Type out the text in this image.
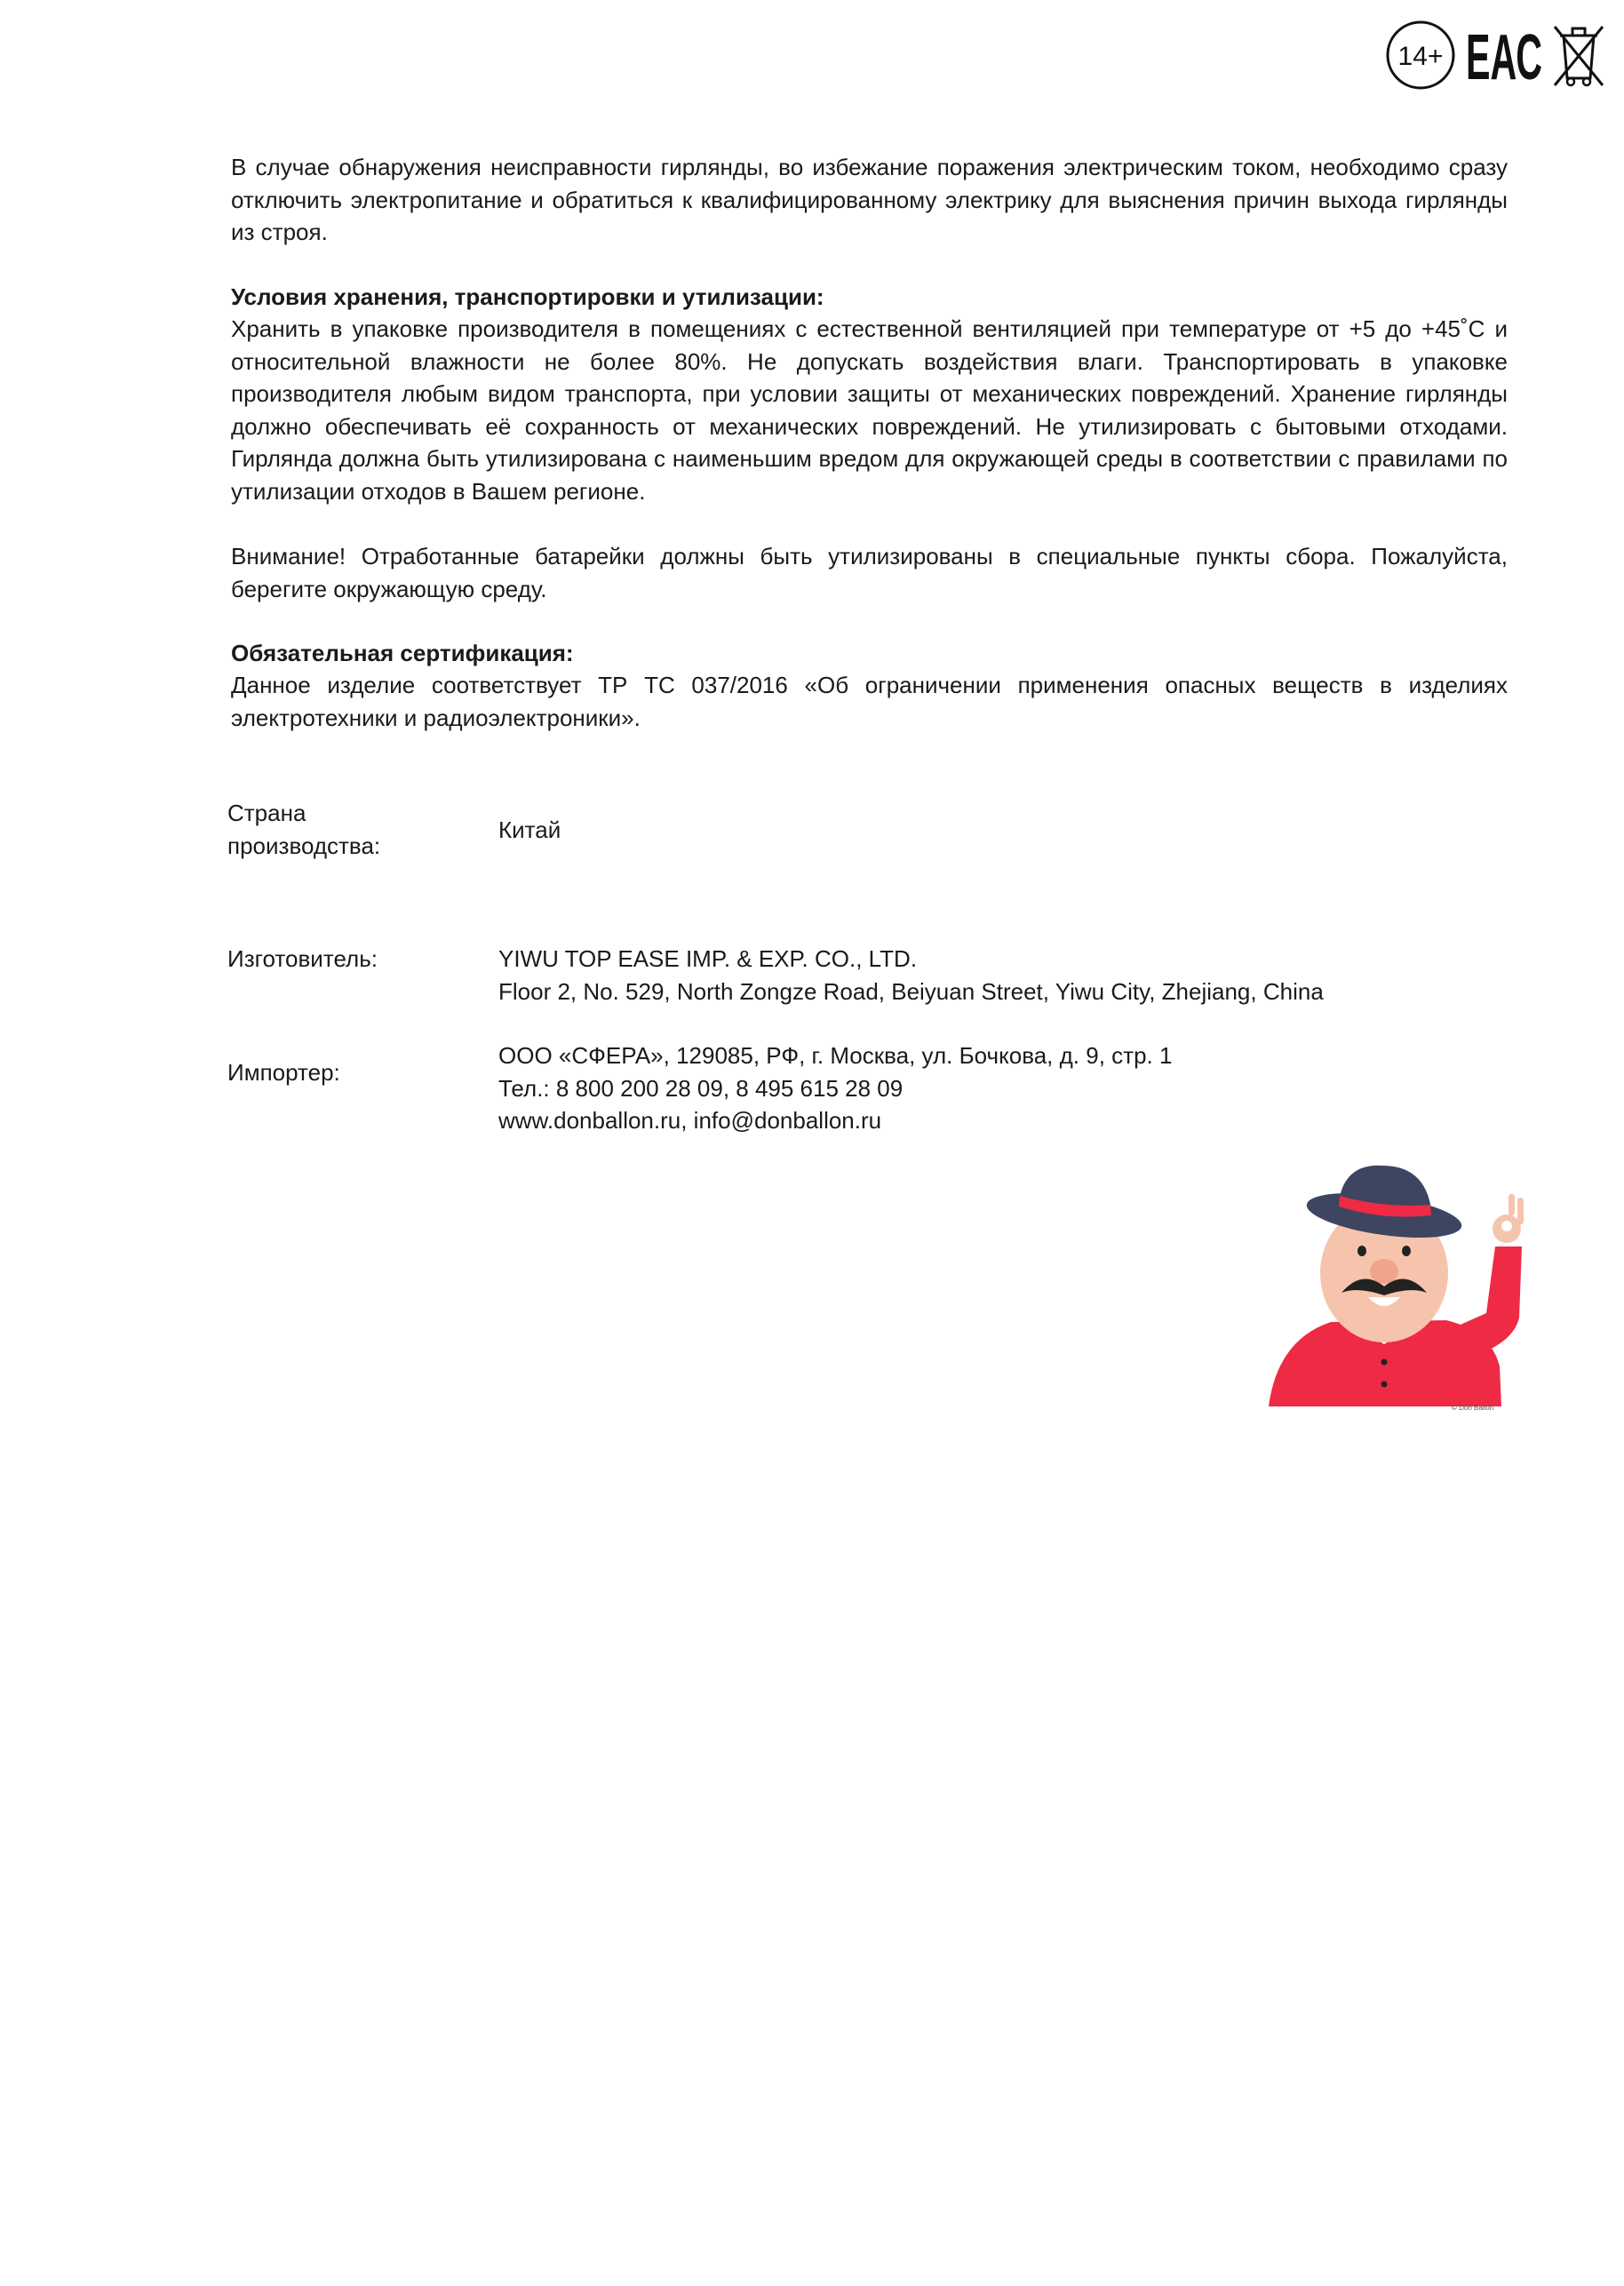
14+ ЕАС
В случае обнаружения неисправности гирлянды, во избежание поражения электрическим током, необходимо сразу отключить электропитание и обратиться к квалифицированному электрику для выяснения причин выхода гирлянды из строя.
Условия хранения, транспортировки и утилизации:
Хранить в упаковке производителя в помещениях с естественной вентиляцией при температуре от +5 до +45˚С и относительной влажности не более 80%. Не допускать воздействия влаги. Транспортировать в упаковке производителя любым видом транспорта, при условии защиты от механических повреждений. Хранение гирлянды должно обеспечивать её сохранность от механических повреждений. Не утилизировать с бытовыми отходами. Гирлянда должна быть утилизирована с наименьшим вредом для окружающей среды в соответствии с правилами по утилизации отходов в Вашем регионе.
Внимание! Отработанные батарейки должны быть утилизированы в специальные пункты сбора. Пожалуйста, берегите окружающую среду.
Обязательная сертификация:
Данное изделие соответствует ТР ТС 037/2016 «Об ограничении применения опасных веществ в изделиях электротехники и радиоэлектроники».
Страна
производства:
Китай
Изготовитель:	YIWU TOP EASE IMP. & EXP. CO., LTD.
Floor 2, No. 529, North Zongze Road, Beiyuan Street, Yiwu City, Zhejiang, China
Импортер:
ООО «СФЕРА», 129085, РФ, г. Москва, ул. Бочкова, д. 9, стр. 1
Тел.: 8 800 200 28 09, 8 495 615 28 09
www.donballon.ru, info@donballon.ru
© Don Ballon
